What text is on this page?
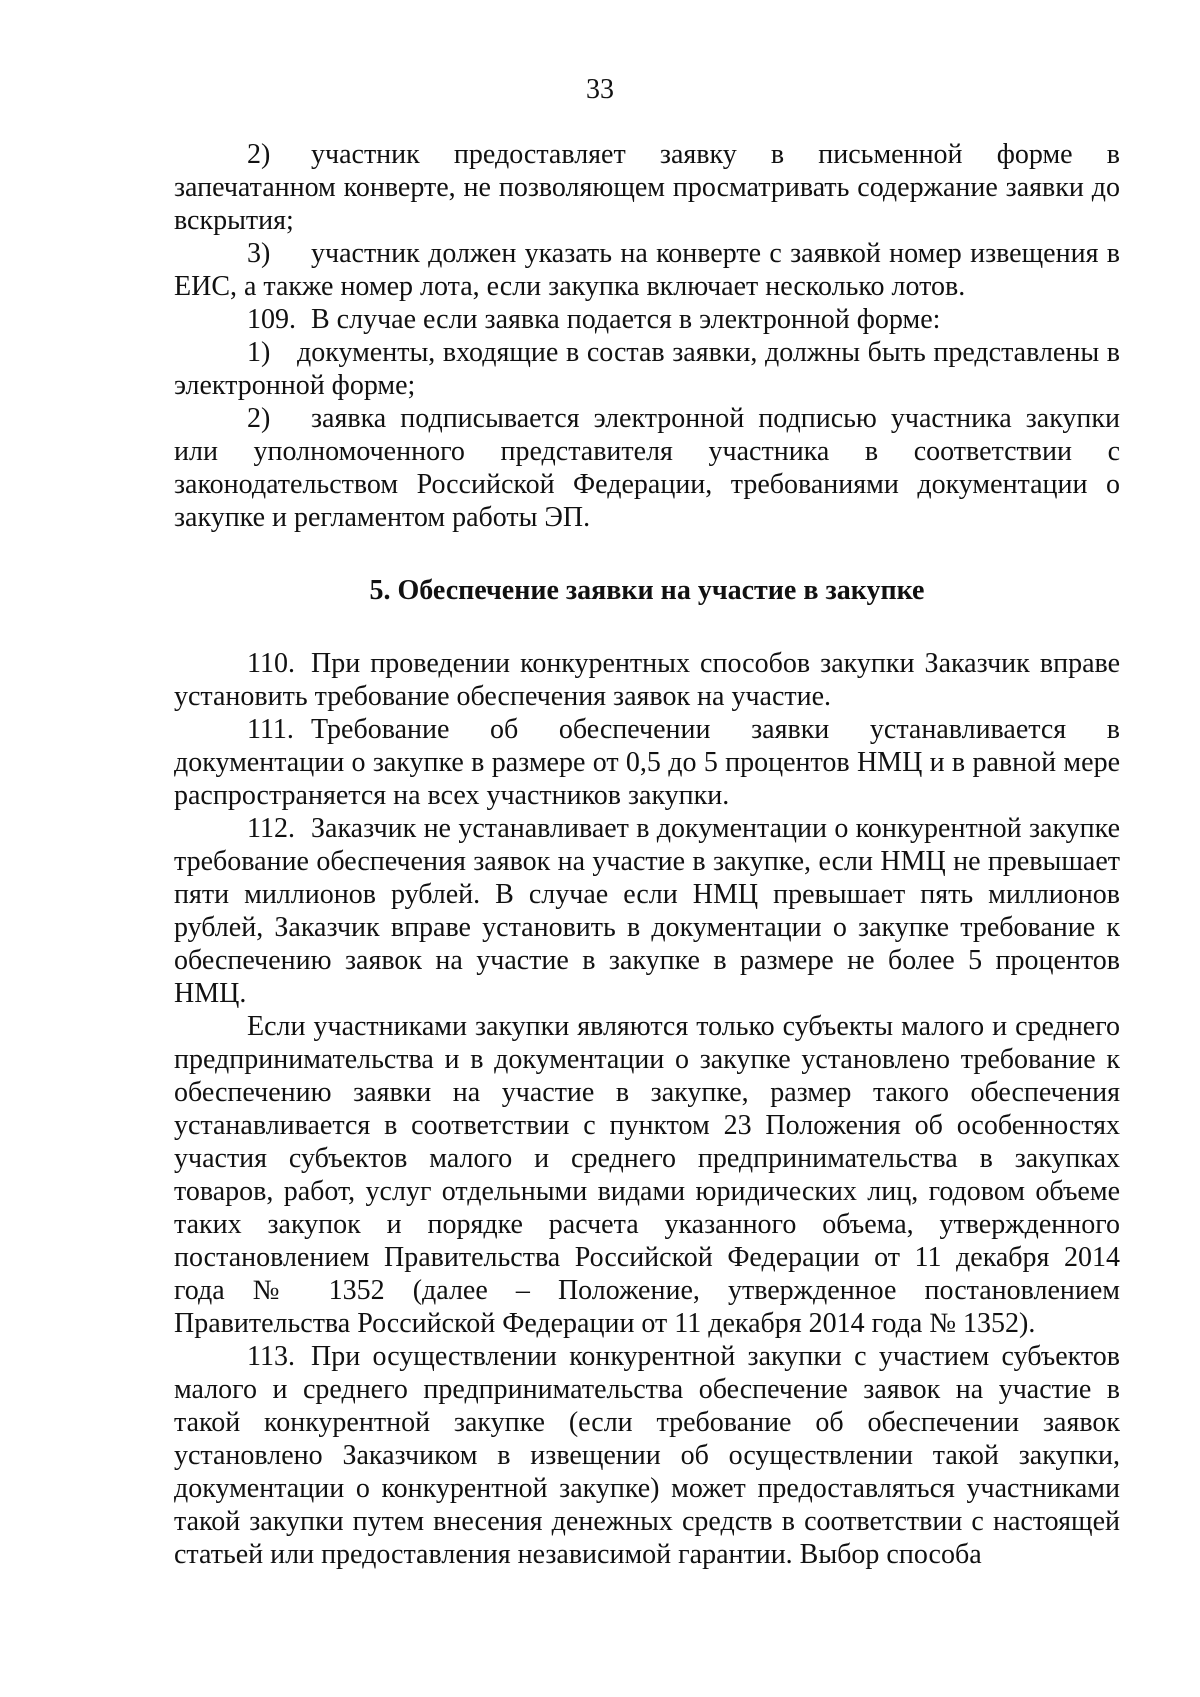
33

2) участник предоставляет заявку в письменной форме в запечатанном конверте, не позволяющем просматривать содержание заявки до вскрытия;

3) участник должен указать на конверте с заявкой номер извещения в ЕИС, а также номер лота, если закупка включает несколько лотов.

109. В случае если заявка подается в электронной форме:

1) документы, входящие в состав заявки, должны быть представлены в электронной форме;

2) заявка подписывается электронной подписью участника закупки или уполномоченного представителя участника в соответствии с законодательством Российской Федерации, требованиями документации о закупке и регламентом работы ЭП.

5. Обеспечение заявки на участие в закупке

110. При проведении конкурентных способов закупки Заказчик вправе установить требование обеспечения заявок на участие.

111. Требование об обеспечении заявки устанавливается в документации о закупке в размере от 0,5 до 5 процентов НМЦ и в равной мере распространяется на всех участников закупки.

112. Заказчик не устанавливает в документации о конкурентной закупке требование обеспечения заявок на участие в закупке, если НМЦ не превышает пяти миллионов рублей. В случае если НМЦ превышает пять миллионов рублей, Заказчик вправе установить в документации о закупке требование к обеспечению заявок на участие в закупке в размере не более 5 процентов НМЦ.

Если участниками закупки являются только субъекты малого и среднего предпринимательства и в документации о закупке установлено требование к обеспечению заявки на участие в закупке, размер такого обеспечения устанавливается в соответствии с пунктом 23 Положения об особенностях участия субъектов малого и среднего предпринимательства в закупках товаров, работ, услуг отдельными видами юридических лиц, годовом объеме таких закупок и порядке расчета указанного объема, утвержденного постановлением Правительства Российской Федерации от 11 декабря 2014 года № 1352 (далее – Положение, утвержденное постановлением Правительства Российской Федерации от 11 декабря 2014 года № 1352).

113. При осуществлении конкурентной закупки с участием субъектов малого и среднего предпринимательства обеспечение заявок на участие в такой конкурентной закупке (если требование об обеспечении заявок установлено Заказчиком в извещении об осуществлении такой закупки, документации о конкурентной закупке) может предоставляться участниками такой закупки путем внесения денежных средств в соответствии с настоящей статьей или предоставления независимой гарантии. Выбор способа
